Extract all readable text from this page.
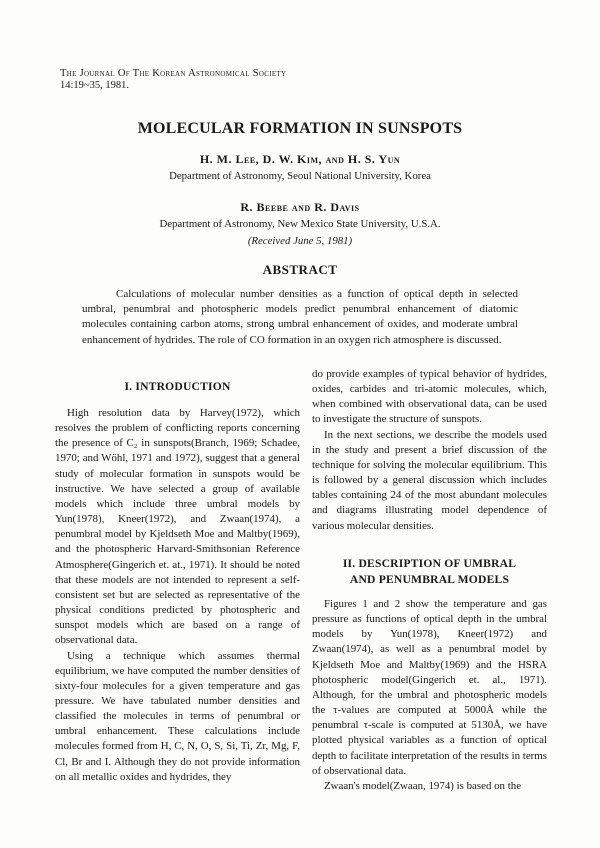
The Journal Of The Korean Astronomical Society
14:19~35, 1981.
MOLECULAR FORMATION IN SUNSPOTS
H. M. Lee, D. W. Kim, and H. S. Yun
Department of Astronomy, Seoul National University, Korea
R. Beebe and R. Davis
Department of Astronomy, New Mexico State University, U.S.A.
(Received June 5, 1981)
ABSTRACT
Calculations of molecular number densities as a function of optical depth in selected umbral, penumbral and photospheric models predict penumbral enhancement of diatomic molecules containing carbon atoms, strong umbral enhancement of oxides, and moderate umbral enhancement of hydrides. The role of CO formation in an oxygen rich atmosphere is discussed.
I. INTRODUCTION

High resolution data by Harvey(1972), which resolves the problem of conflicting reports concerning the presence of C₂ in sunspots(Branch, 1969; Schadee, 1970; and Wöhl, 1971 and 1972), suggest that a general study of molecular formation in sunspots would be instructive. We have selected a group of available models which include three umbral models by Yun(1978), Kneer(1972), and Zwaan(1974), a penumbral model by Kjeldseth Moe and Maltby(1969), and the photospheric Harvard-Smithsonian Reference Atmosphere(Gingerich et. at., 1971). It should be noted that these models are not intended to represent a self-consistent set but are selected as representative of the physical conditions predicted by photospheric and sunspot models which are based on a range of observational data.

Using a technique which assumes thermal equilibrium, we have computed the number densities of sixty-four molecules for a given temperature and gas pressure. We have tabulated number densities and classified the molecules in terms of penumbral or umbral enhancement. These calculations include molecules formed from H, C, N, O, S, Si, Ti, Zr, Mg, F, Cl, Br and I. Although they do not provide information on all metallic oxides and hydrides, they

do provide examples of typical behavior of hydrides, oxides, carbides and tri-atomic molecules, which, when combined with observational data, can be used to investigate the structure of sunspots.

In the next sections, we describe the models used in the study and present a brief discussion of the technique for solving the molecular equilibrium. This is followed by a general discussion which includes tables containing 24 of the most abundant molecules and diagrams illustrating model dependence of various molecular densities.

II. DESCRIPTION OF UMBRAL
AND PENUMBRAL MODELS

Figures 1 and 2 show the temperature and gas pressure as functions of optical depth in the umbral models by Yun(1978), Kneer(1972) and Zwaan(1974), as well as a penumbral model by Kjeldseth Moe and Maltby(1969) and the HSRA photospheric model(Gingerich et. al., 1971). Although, for the umbral and photospheric models the τ-values are computed at 5000Å while the penumbral τ-scale is computed at 5130Å, we have plotted physical variables as a function of optical depth to facilitate interpretation of the results in terms of observational data.

Zwaan's model(Zwaan, 1974) is based on the
